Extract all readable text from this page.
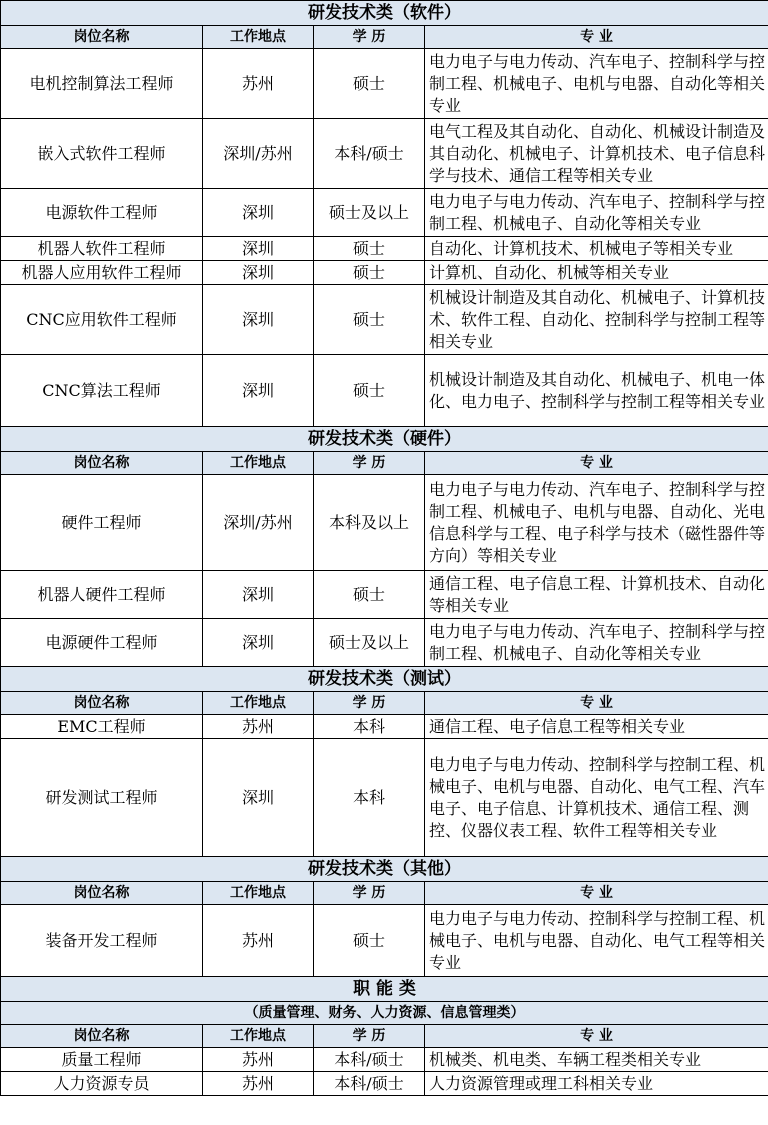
研发技术类（软件）			
岗位名称	工作地点	学 历	专 业
电机控制算法工程师	苏州	硕士	电力电子与电力传动、汽车电子、控制科学与控制工程、机械电子、电机与电器、自动化等相关专业
嵌入式软件工程师	深圳/苏州	本科/硕士	电气工程及其自动化、自动化、机械设计制造及其自动化、机械电子、计算机技术、电子信息科学与技术、通信工程等相关专业
电源软件工程师	深圳	硕士及以上	电力电子与电力传动、汽车电子、控制科学与控制工程、机械电子、自动化等相关专业
机器人软件工程师	深圳	硕士	自动化、计算机技术、机械电子等相关专业
机器人应用软件工程师	深圳	硕士	计算机、自动化、机械等相关专业
CNC应用软件工程师	深圳	硕士	机械设计制造及其自动化、机械电子、计算机技术、软件工程、自动化、控制科学与控制工程等相关专业
CNC算法工程师	深圳	硕士	机械设计制造及其自动化、机械电子、机电一体化、电力电子、控制科学与控制工程等相关专业
研发技术类（硬件）			
岗位名称	工作地点	学 历	专 业
硬件工程师	深圳/苏州	本科及以上	电力电子与电力传动、汽车电子、控制科学与控制工程、机械电子、电机与电器、自动化、光电信息科学与工程、电子科学与技术（磁性器件等方向）等相关专业
机器人硬件工程师	深圳	硕士	通信工程、电子信息工程、计算机技术、自动化等相关专业
电源硬件工程师	深圳	硕士及以上	电力电子与电力传动、汽车电子、控制科学与控制工程、机械电子、自动化等相关专业
研发技术类（测试）			
岗位名称	工作地点	学 历	专 业
EMC工程师	苏州	本科	通信工程、电子信息工程等相关专业
研发测试工程师	深圳	本科	电力电子与电力传动、控制科学与控制工程、机械电子、电机与电器、自动化、电气工程、汽车电子、电子信息、计算机技术、通信工程、测控、仪器仪表工程、软件工程等相关专业
研发技术类（其他）			
岗位名称	工作地点	学 历	专 业
装备开发工程师	苏州	硕士	电力电子与电力传动、控制科学与控制工程、机械电子、电机与电器、自动化、电气工程等相关专业
职 能 类			
（质量管理、财务、人力资源、信息管理类）			
岗位名称	工作地点	学 历	专 业
质量工程师	苏州	本科/硕士	机械类、机电类、车辆工程类相关专业
人力资源专员	苏州	本科/硕士	人力资源管理或理工科相关专业
